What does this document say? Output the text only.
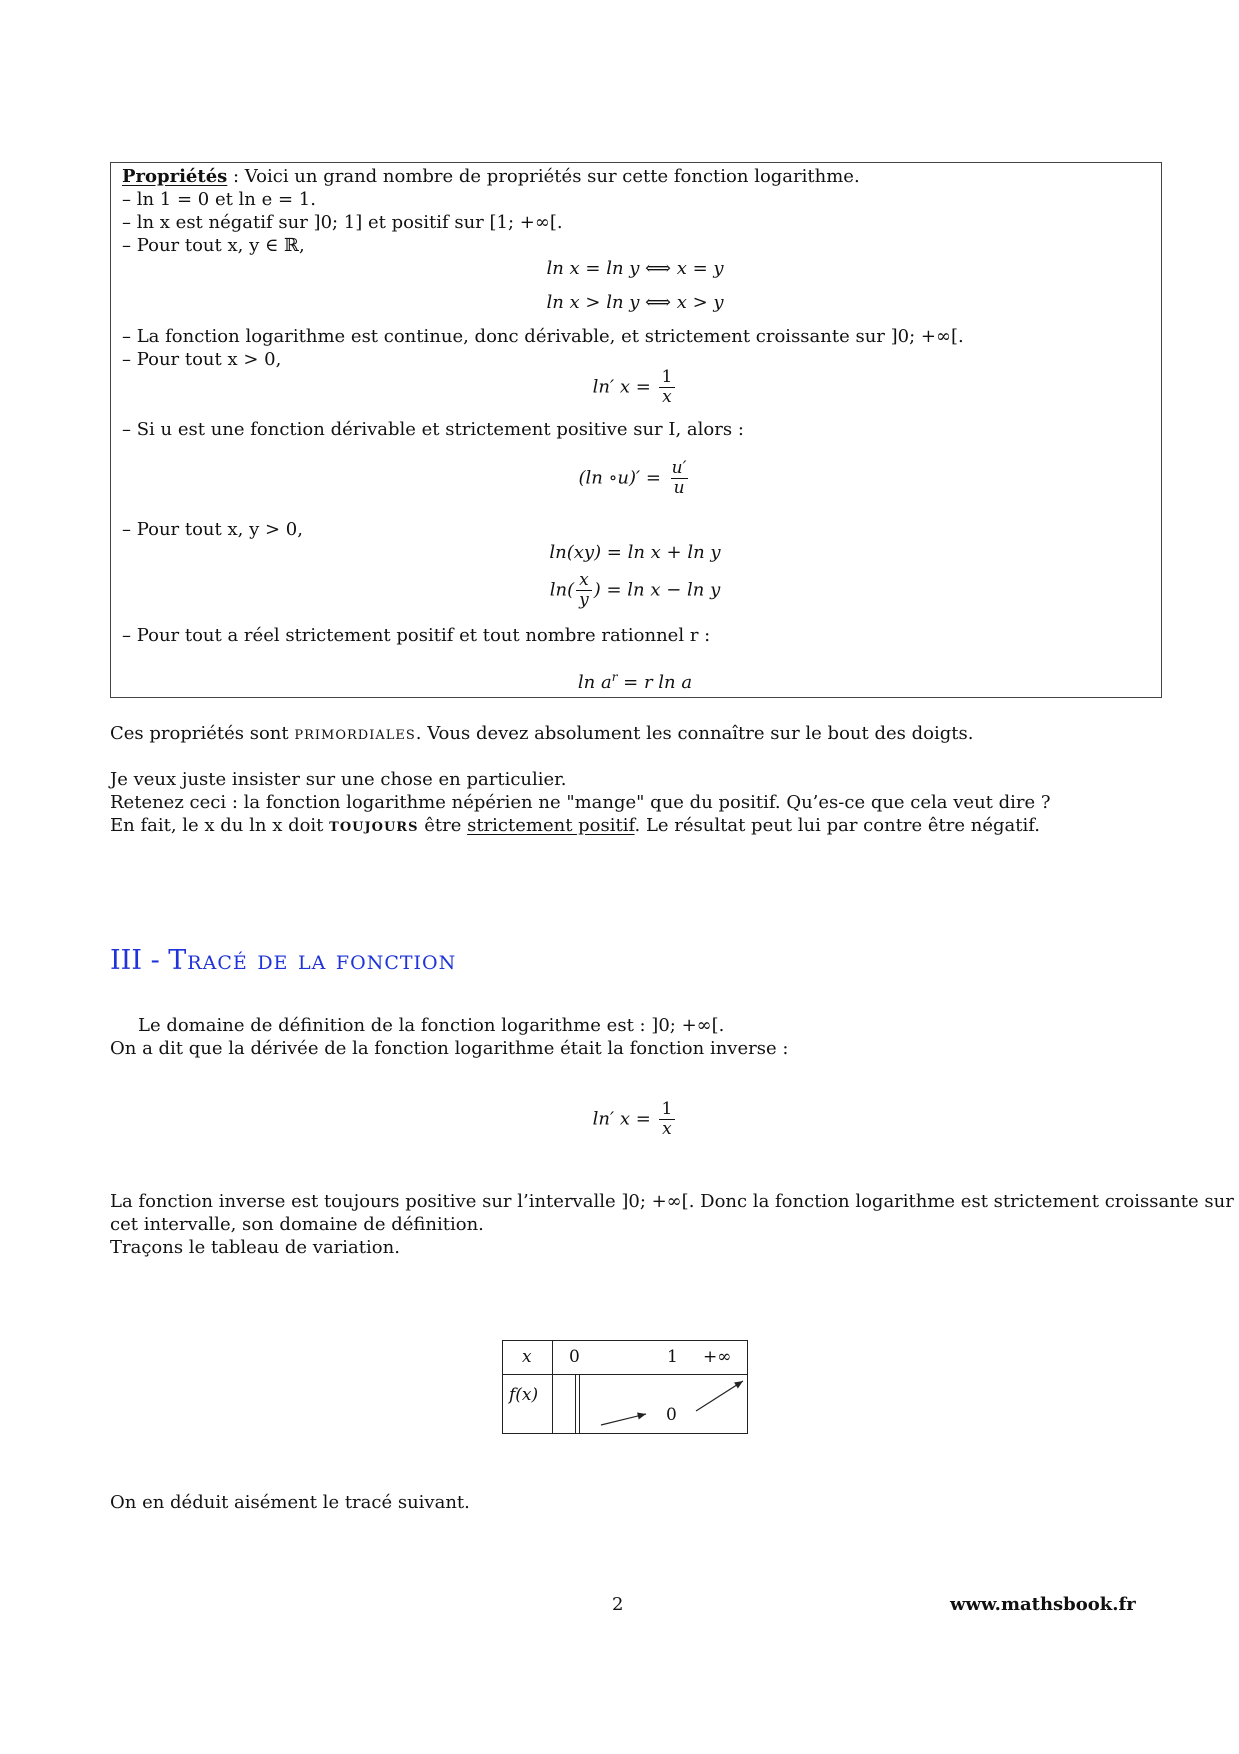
Propriétés : Voici un grand nombre de propriétés sur cette fonction logarithme.
– ln 1 = 0 et ln e = 1.
– ln x est négatif sur ]0; 1] et positif sur [1; +∞[.
– Pour tout x, y ∈ ℝ,
ln x = ln y ⟺ x = y
ln x > ln y ⟺ x > y
– La fonction logarithme est continue, donc dérivable, et strictement croissante sur ]0; +∞[.
– Pour tout x > 0,
ln′ $x = \frac{1}{x}$
– Si u est une fonction dérivable et strictement positive sur I, alors :
(ln ∘u)′ = $\frac{u'}{u}$
– Pour tout x, y > 0,
ln(xy) = ln x + ln y
$\ln( \frac{x}{y}$ ) = ln x − ln y
– Pour tout a réel strictement positif et tout nombre rationnel r :
$\ln a^r = r$ ln a
Ces propriétés sont primordiales. Vous devez absolument les connaître sur le bout des doigts.
Je veux juste insister sur une chose en particulier.
Retenez ceci : la fonction logarithme népérien ne "mange" que du positif. Qu’es-ce que cela veut dire ?
En fait, le x du ln x doit toujours être strictement positif. Le résultat peut lui par contre être négatif.
III - Tracé de la fonction
Le domaine de définition de la fonction logarithme est : ]0; +∞[.
On a dit que la dérivée de la fonction logarithme était la fonction inverse :
ln′ $x = \frac{1}{x}$
La fonction inverse est toujours positive sur l’intervalle ]0; +∞[. Donc la fonction logarithme est strictement croissante sur
cet intervalle, son domaine de définition.
Traçons le tableau de variation.
x 0	1 +∞
f(x)
0
On en déduit aisément le tracé suivant.
2	www.mathsbook.fr
